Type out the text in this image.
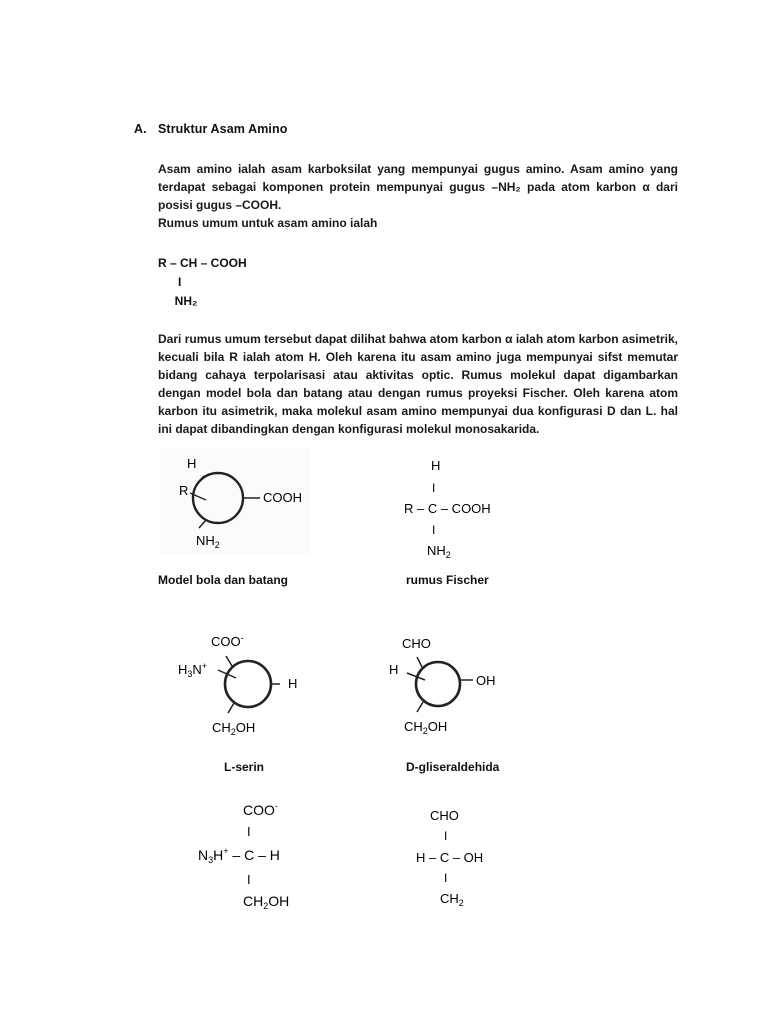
A. Struktur Asam Amino

Asam amino ialah asam karboksilat yang mempunyai gugus amino. Asam amino yang terdapat sebagai komponen protein mempunyai gugus –NH₂ pada atom karbon α dari posisi gugus –COOH.

Rumus umum untuk asam amino ialah

R – CH – COOH
I
NH₂

Dari rumus umum tersebut dapat dilihat bahwa atom karbon α ialah atom karbon asimetrik, kecuali bila R ialah atom H. Oleh karena itu asam amino juga mempunyai sifst memutar bidang cahaya terpolarisasi atau aktivitas optic. Rumus molekul dapat digambarkan dengan model bola dan batang atau dengan rumus proyeksi Fischer. Oleh karena atom karbon itu asimetrik, maka molekul asam amino mempunyai dua konfigurasi D dan L. hal ini dapat dibandingkan dengan konfigurasi molekul monosakarida.

H
R	COOH
$NH_2$
H
I
R – C – COOH
I
$NH_2$
Model bola dan batang	rumus Fischer
COO-
$H_3N^+$
H
$CH_2OH$
CHO
H
OH
$CH_2OH$
L-serin	D-gliseraldehida
COO-
I
$N_3H^+$ – C – H
I
$CH_2OH$
CHO
I
H – C – OH
I
$CH_2$
